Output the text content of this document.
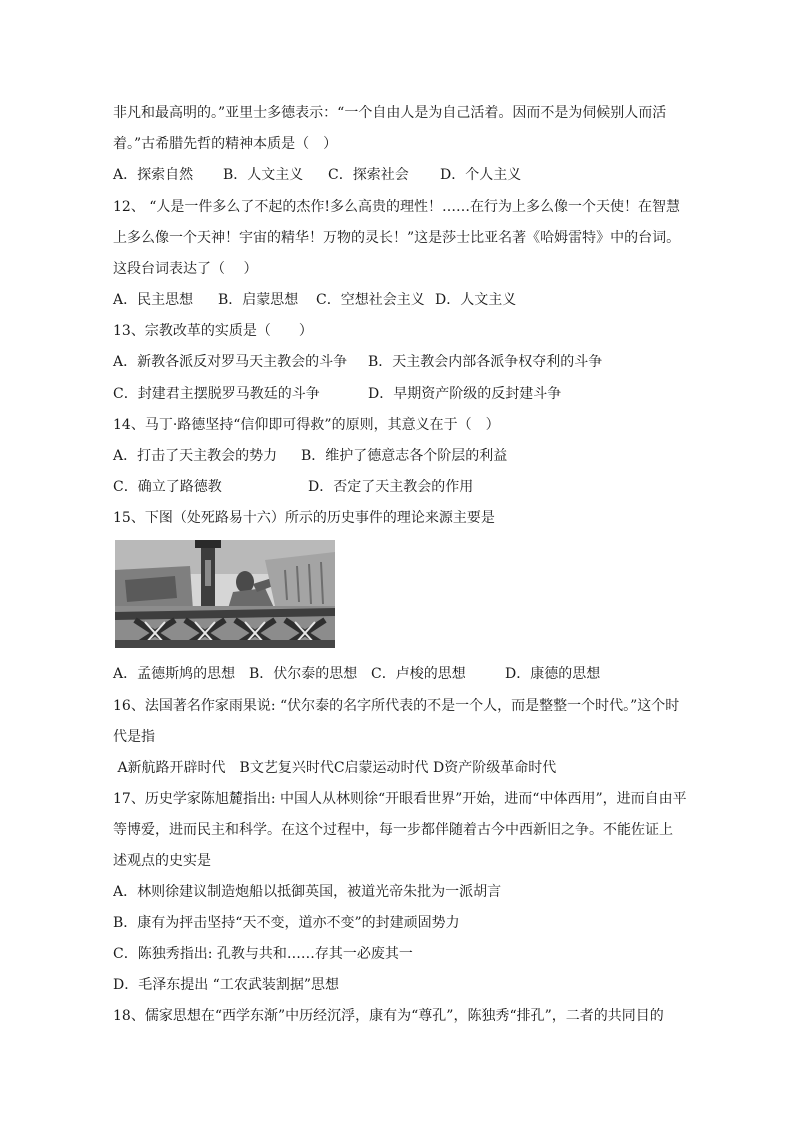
非凡和最高明的。”亚里士多德表示：“一个自由人是为自己活着。因而不是为伺候别人而活
着。”古希腊先哲的精神本质是（　）
A．探索自然 B．人文主义 C．探索社会 D．个人主义
12、 “人是一件多么了不起的杰作!多么高贵的理性！……在行为上多么像一个天使！在智慧
上多么像一个天神！宇宙的精华！万物的灵长！”这是莎士比亚名著《哈姆雷特》中的台词。
这段台词表达了（　 ）
A．民主思想 B．启蒙思想 C．空想社会主义 D．人文主义
13、宗教改革的实质是（　　）
A．新教各派反对罗马天主教会的斗争 B．天主教会内部各派争权夺利的斗争
C．封建君主摆脱罗马教廷的斗争	D．早期资产阶级的反封建斗争
14、马丁·路德坚持“信仰即可得救”的原则，其意义在于（　）
A．打击了天主教会的势力 B．维护了德意志各个阶层的利益
C．确立了路德教	D．否定了天主教会的作用
15、下图（处死路易十六）所示的历史事件的理论来源主要是
A．孟德斯鸠的思想 B．伏尔泰的思想 C．卢梭的思想	D．康德的思想
16、法国著名作家雨果说: “伏尔泰的名字所代表的不是一个人，而是整整一个时代。”这个时
代是指
A新航路开辟时代　B文艺复兴时代C启蒙运动时代 D资产阶级革命时代
17、历史学家陈旭麓指出: 中国人从林则徐“开眼看世界”开始，进而“中体西用”，进而自由平
等博爱，进而民主和科学。在这个过程中，每一步都伴随着古今中西新旧之争。不能佐证上
述观点的史实是
A．林则徐建议制造炮船以抵御英国，被道光帝朱批为一派胡言
B．康有为抨击坚持“天不变，道亦不变”的封建顽固势力
C．陈独秀指出: 孔教与共和……存其一必废其一
D．毛泽东提出 “工农武装割据”思想
18、儒家思想在“西学东渐”中历经沉浮，康有为“尊孔”，陈独秀“排孔”，二者的共同目的
